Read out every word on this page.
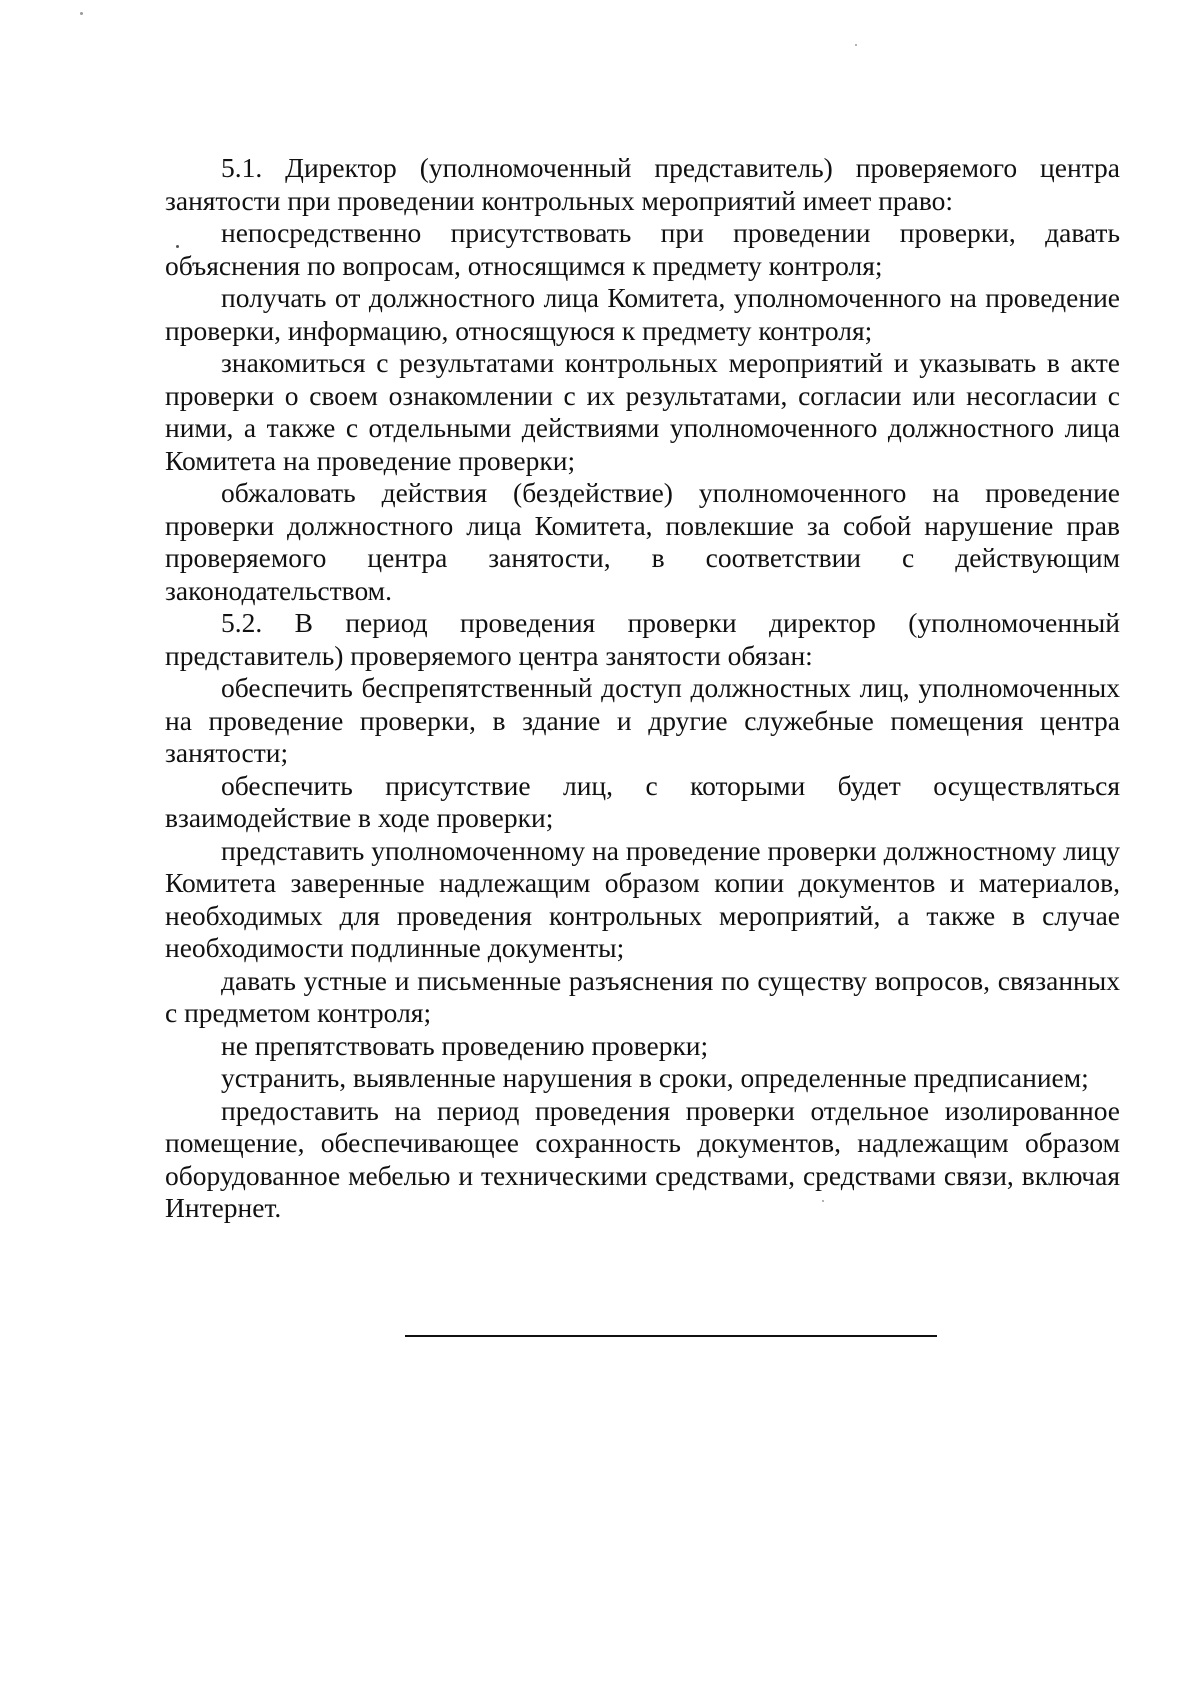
5.1. Директор (уполномоченный представитель) проверяемого центра занятости при проведении контрольных мероприятий имеет право:

непосредственно присутствовать при проведении проверки, давать объяснения по вопросам, относящимся к предмету контроля;

получать от должностного лица Комитета, уполномоченного на проведение проверки, информацию, относящуюся к предмету контроля;

знакомиться с результатами контрольных мероприятий и указывать в акте проверки о своем ознакомлении с их результатами, согласии или несогласии с ними, а также с отдельными действиями уполномоченного должностного лица Комитета на проведение проверки;

обжаловать действия (бездействие) уполномоченного на проведение проверки должностного лица Комитета, повлекшие за собой нарушение прав проверяемого центра занятости, в соответствии с действующим законодательством.

5.2. В период проведения проверки директор (уполномоченный представитель) проверяемого центра занятости обязан:

обеспечить беспрепятственный доступ должностных лиц, уполномоченных на проведение проверки, в здание и другие служебные помещения центра занятости;

обеспечить присутствие лиц, с которыми будет осуществляться взаимодействие в ходе проверки;

представить уполномоченному на проведение проверки должностному лицу Комитета заверенные надлежащим образом копии документов и материалов, необходимых для проведения контрольных мероприятий, а также в случае необходимости подлинные документы;

давать устные и письменные разъяснения по существу вопросов, связанных с предметом контроля;

не препятствовать проведению проверки;

устранить, выявленные нарушения в сроки, определенные предписанием;

предоставить на период проведения проверки отдельное изолированное помещение, обеспечивающее сохранность документов, надлежащим образом оборудованное мебелью и техническими средствами, средствами связи, включая Интернет.
